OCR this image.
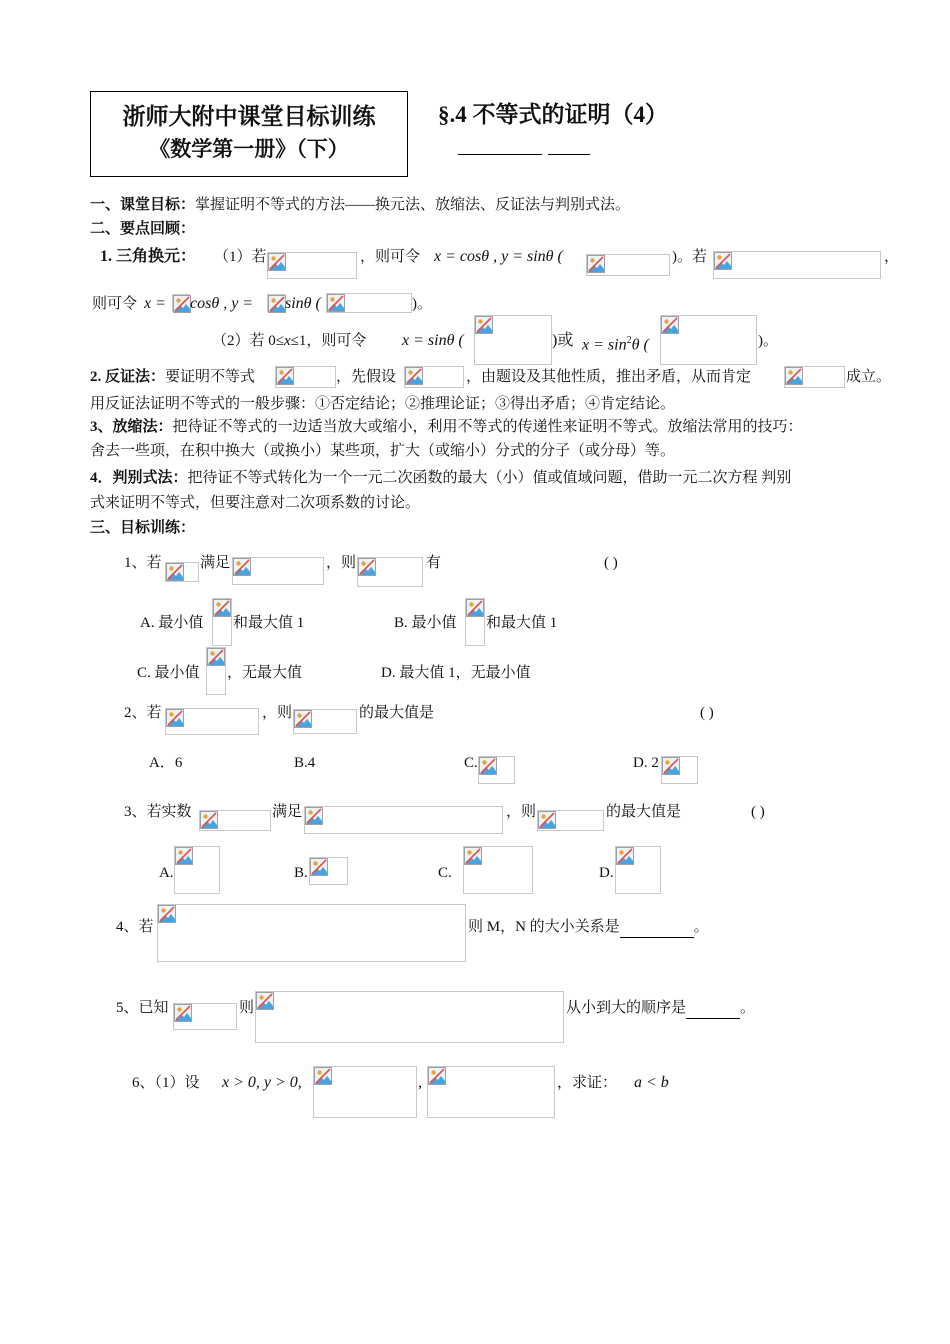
浙师大附中课堂目标训练
《数学第一册》（下）
§.4 不等式的证明（4）
一、课堂目标：掌握证明不等式的方法——换元法、放缩法、反证法与判别式法。
二、要点回顾：
1. 三角换元： （1）若	，则可令 x = cosθ , y = sinθ (	)。若	，
则可令 x = cosθ , y = sinθ (	)。
（2）若 0≤x≤1，则可令 x = sinθ (	)或 $x = \sin^2\theta$ (	)。
2. 反证法：要证明不等式	，先假设	，由题设及其他性质，推出矛盾，从而肯定	成立。
用反证法证明不等式的一般步骤：①否定结论；②推理论证；③得出矛盾；④肯定结论。
3、放缩法：把待证不等式的一边适当放大或缩小，利用不等式的传递性来证明不等式。放缩法常用的技巧：
舍去一些项，在积中换大（或换小）某些项，扩大（或缩小）分式的分子（或分母）等。
4．判别式法：把待证不等式转化为一个一元二次函数的最大（小）值或值域问题，借助一元二次方程 判别
式来证明不等式，但要注意对二次项系数的讨论。
三、目标训练：
1、若	满足	，则	有	( )
A. 最小值 和最大值 1	B. 最小值 和最大值 1
C. 最小值 ，无最大值	D. 最大值 1，无最小值
2、若	，则	的最大值是	( )
A．6	B.4	C.	D. 2
3、若实数	满足	，则	的最大值是	( )
A.	B.	C.	D.
4、若	则 M，N 的大小关系是	。
5、已知	则	从小到大的顺序是	。
6、（1）设 x > 0, y > 0,	,	，求证： a < b
